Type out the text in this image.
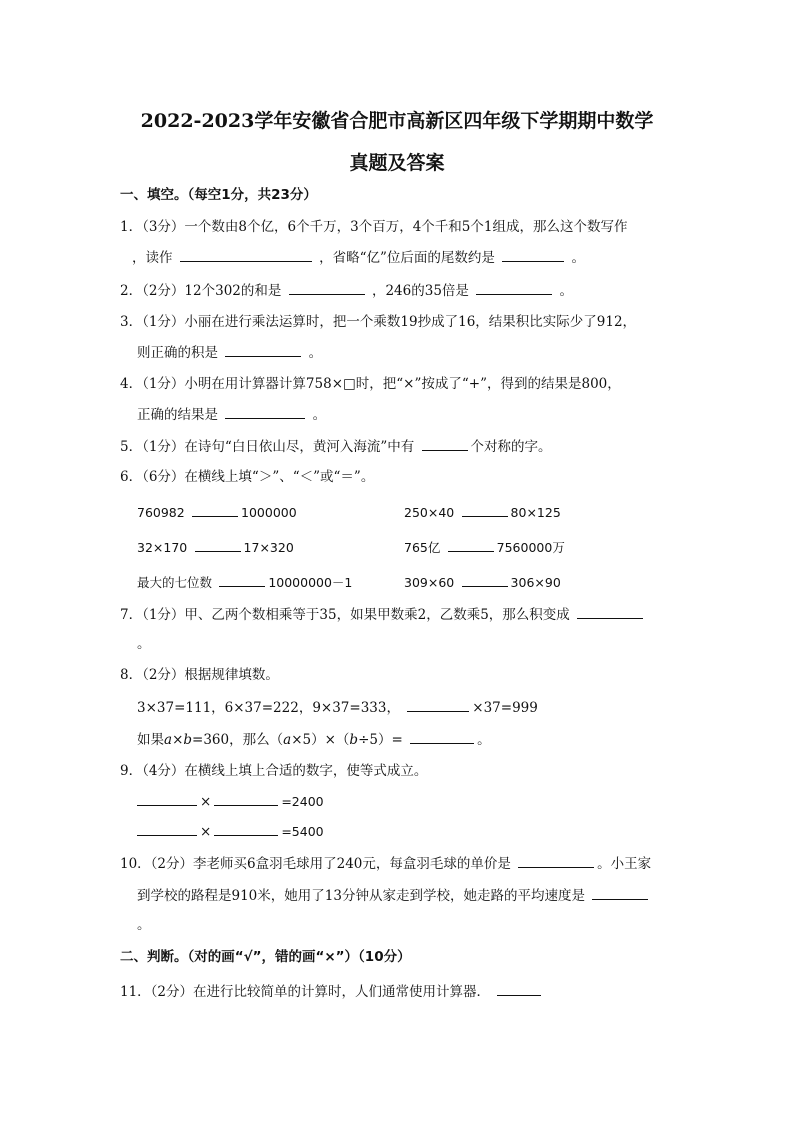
2022-2023学年安徽省合肥市高新区四年级下学期期中数学
真题及答案
一、填空。（每空1分，共23分）
1．（3分）一个数由8个亿，6个千万，3个百万，4个千和5个1组成，那么这个数写作
，读作	，省略“亿”位后面的尾数约是	。
2．（2分）12个302的和是	，246的35倍是	。
3．（1分）小丽在进行乘法运算时，把一个乘数19抄成了16，结果积比实际少了912，
则正确的积是	。
4．（1分）小明在用计算器计算758×□时，把“×”按成了“+”，得到的结果是800，
正确的结果是	。
5．（1分）在诗句“白日依山尽，黄河入海流”中有	个对称的字。
6．（6分）在横线上填“＞”、“＜”或“＝”。
760982	1000000	250×40	80×125
32×170	17×320	765亿	7560000万
最大的七位数	10000000－1	309×60	306×90
7．（1分）甲、乙两个数相乘等于35，如果甲数乘2，乙数乘5，那么积变成
。
8．（2分）根据规律填数。
3×37=111，6×37=222，9×37=333，	×37=999
如果a×b=360，那么（a×5）×（b÷5）=	。
9．（4分）在横线上填上合适的数字，使等式成立。
×	=2400
×	=5400
10．（2分）李老师买6盒羽毛球用了240元，每盒羽毛球的单价是	。小王家
到学校的路程是910米，她用了13分钟从家走到学校，她走路的平均速度是
。
二、判断。（对的画“√”，错的画“×”）（10分）
11．（2分）在进行比较简单的计算时，人们通常使用计算器．
